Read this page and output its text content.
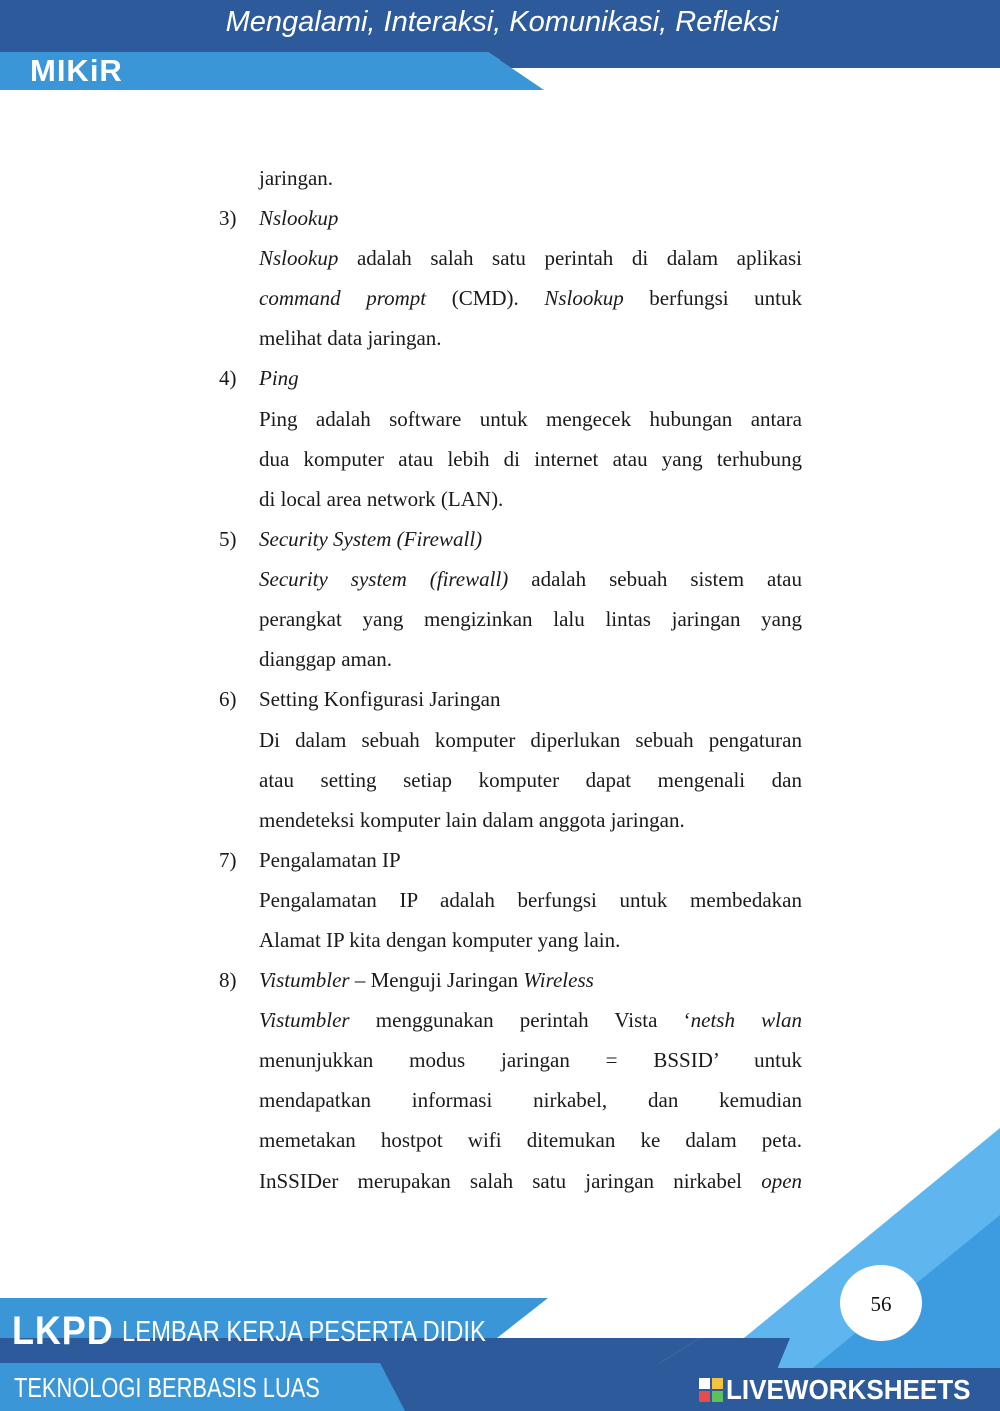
Mengalami, Interaksi, Komunikasi, Refleksi
MIKiR
jaringan.
3) Nslookup
Nslookup adalah salah satu perintah di dalam aplikasi
command prompt (CMD). Nslookup berfungsi untuk
melihat data jaringan.
4) Ping
Ping adalah software untuk mengecek hubungan antara
dua komputer atau lebih di internet atau yang terhubung
di local area network (LAN).
5) Security System (Firewall)
Security system (firewall) adalah sebuah sistem atau
perangkat yang mengizinkan lalu lintas jaringan yang
dianggap aman.
6) Setting Konfigurasi Jaringan
Di dalam sebuah komputer diperlukan sebuah pengaturan
atau setting setiap komputer dapat mengenali dan
mendeteksi komputer lain dalam anggota jaringan.
7) Pengalamatan IP
Pengalamatan IP adalah berfungsi untuk membedakan
Alamat IP kita dengan komputer yang lain.
8) Vistumbler – Menguji Jaringan Wireless
Vistumbler menggunakan perintah Vista ‘netsh wlan
menunjukkan modus jaringan = BSSID’ untuk
mendapatkan informasi nirkabel, dan kemudian
memetakan hostpot wifi ditemukan ke dalam peta.
InSSIDer merupakan salah satu jaringan nirkabel open
56
LKPD LEMBAR KERJA PESERTA DIDIK
TEKNOLOGI BERBASIS LUAS	LIVEWORKSHEETS
